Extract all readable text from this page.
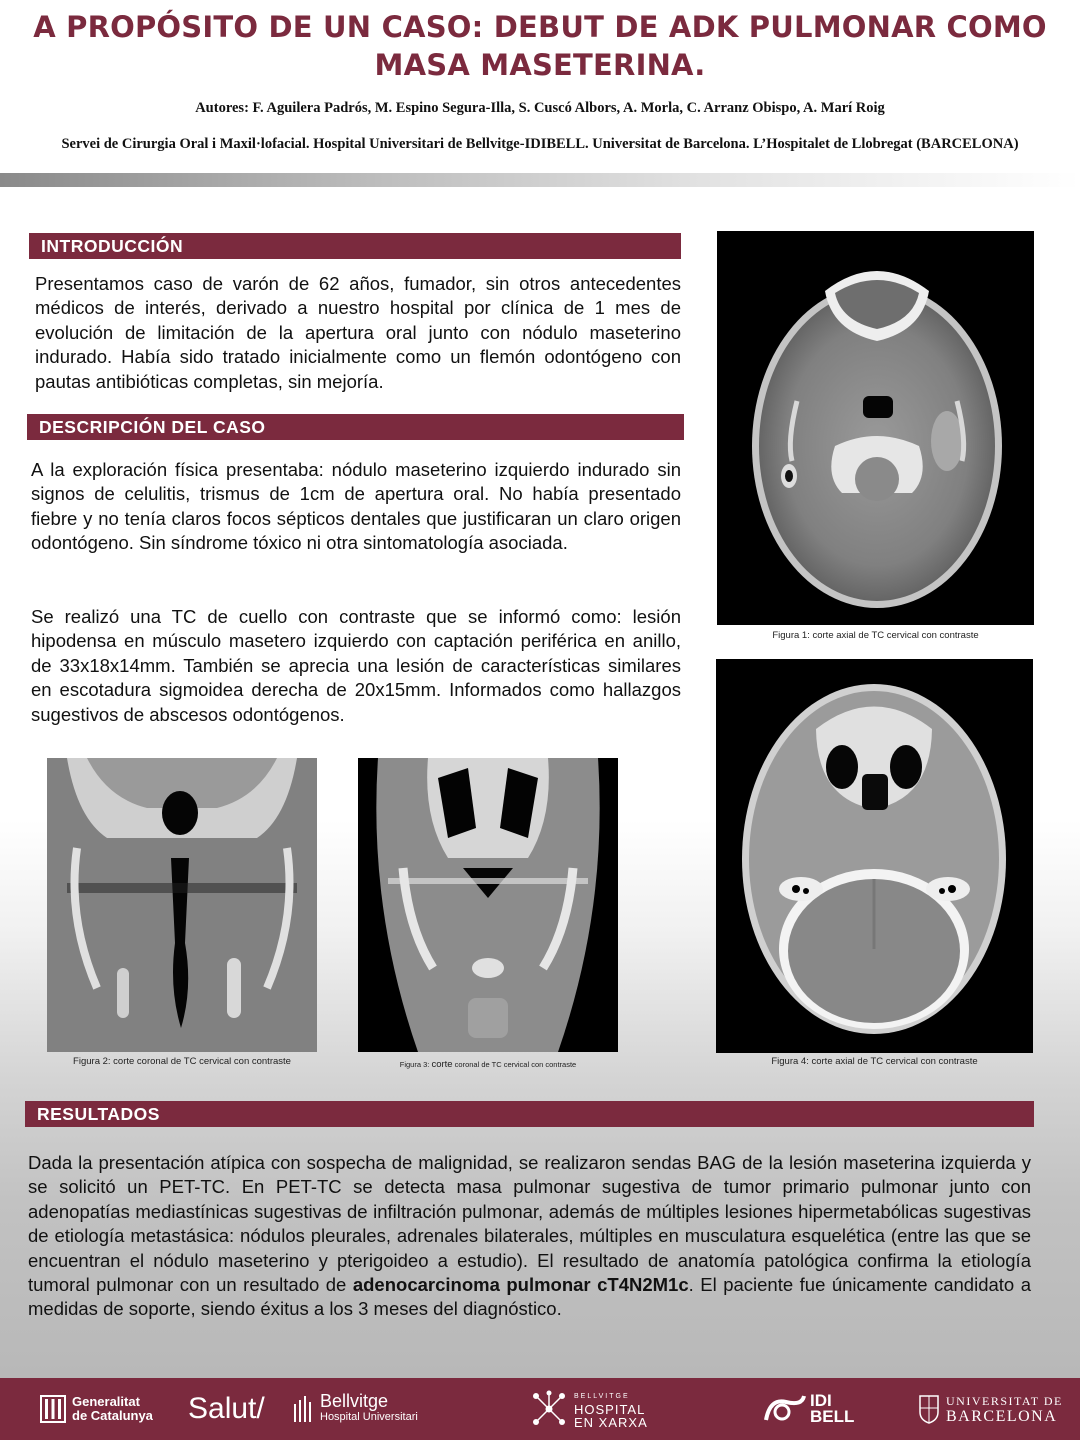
A PROPÓSITO DE UN CASO: DEBUT DE ADK PULMONAR COMO
MASA MASETERINA.
Autores: F. Aguilera Padrós, M. Espino Segura-Illa, S. Cuscó Albors, A. Morla, C. Arranz Obispo, A. Marí Roig
Servei de Cirurgia Oral i Maxil·lofacial. Hospital Universitari de Bellvitge-IDIBELL. Universitat de Barcelona. L’Hospitalet de Llobregat (BARCELONA)
INTRODUCCIÓN

Presentamos caso de varón de 62 años, fumador, sin otros antecedentes médicos de interés, derivado a nuestro hospital por clínica de 1 mes de evolución de limitación de la apertura oral junto con nódulo maseterino indurado. Había sido tratado inicialmente como un flemón odontógeno con pautas antibióticas completas, sin mejoría.

DESCRIPCIÓN DEL CASO

A la exploración física presentaba: nódulo maseterino izquierdo indurado sin signos de celulitis, trismus de 1cm de apertura oral. No había presentado fiebre y no tenía claros focos sépticos dentales que justificaran un claro origen odontógeno. Sin síndrome tóxico ni otra sintomatología asociada.

Se realizó una TC de cuello con contraste que se informó como: lesión hipodensa en músculo masetero izquierdo con captación periférica en anillo, de 33x18x14mm. También se aprecia una lesión de características similares en escotadura sigmoidea derecha de 20x15mm. Informados como hallazgos sugestivos de abscesos odontógenos.

Figura 1: corte axial de TC cervical con contraste
Figura 4: corte axial de TC cervical con contraste
Figura 2: corte coronal de TC cervical con contraste	Figura 3: corte coronal de TC cervical con contraste
RESULTADOS

Dada la presentación atípica con sospecha de malignidad, se realizaron sendas BAG de la lesión maseterina izquierda y se solicitó un PET-TC. En PET-TC se detecta masa pulmonar sugestiva de tumor primario pulmonar junto con adenopatías mediastínicas sugestivas de infiltración pulmonar, además de múltiples lesiones hipermetabólicas sugestivas de etiología metastásica: nódulos pleurales, adrenales bilaterales, múltiples en musculatura esquelética (entre las que se encuentran el nódulo maseterino y pterigoideo a estudio). El resultado de anatomía patológica confirma la etiología tumoral pulmonar con un resultado de adenocarcinoma pulmonar cT4N2M1c. El paciente fue únicamente candidato a medidas de soporte, siendo éxitus a los 3 meses del diagnóstico.

Generalitat
de Catalunya Salut/	Bellvitge
Hospital Universitari
BELLVITGE
HOSPITAL
EN XARXA
IDI
BELL
UNIVERSITAT DE
BARCELONA
